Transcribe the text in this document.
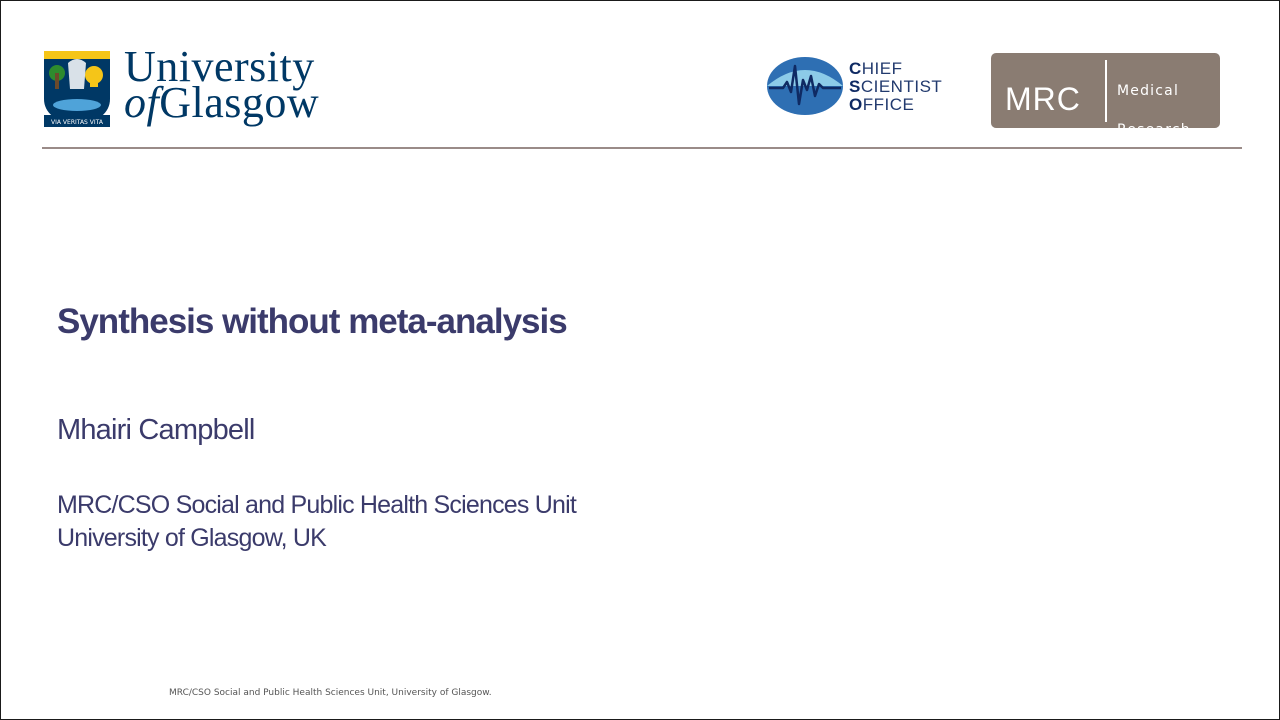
VIA VERITAS VITA
University
ofGlasgow
CHIEF
SCIENTIST
OFFICE	MRC	Medical

Research

Council

Synthesis without meta-analysis
Mhairi Campbell
MRC/CSO Social and Public Health Sciences Unit
University of Glasgow, UK
MRC/CSO Social and Public Health Sciences Unit, University of Glasgow.
